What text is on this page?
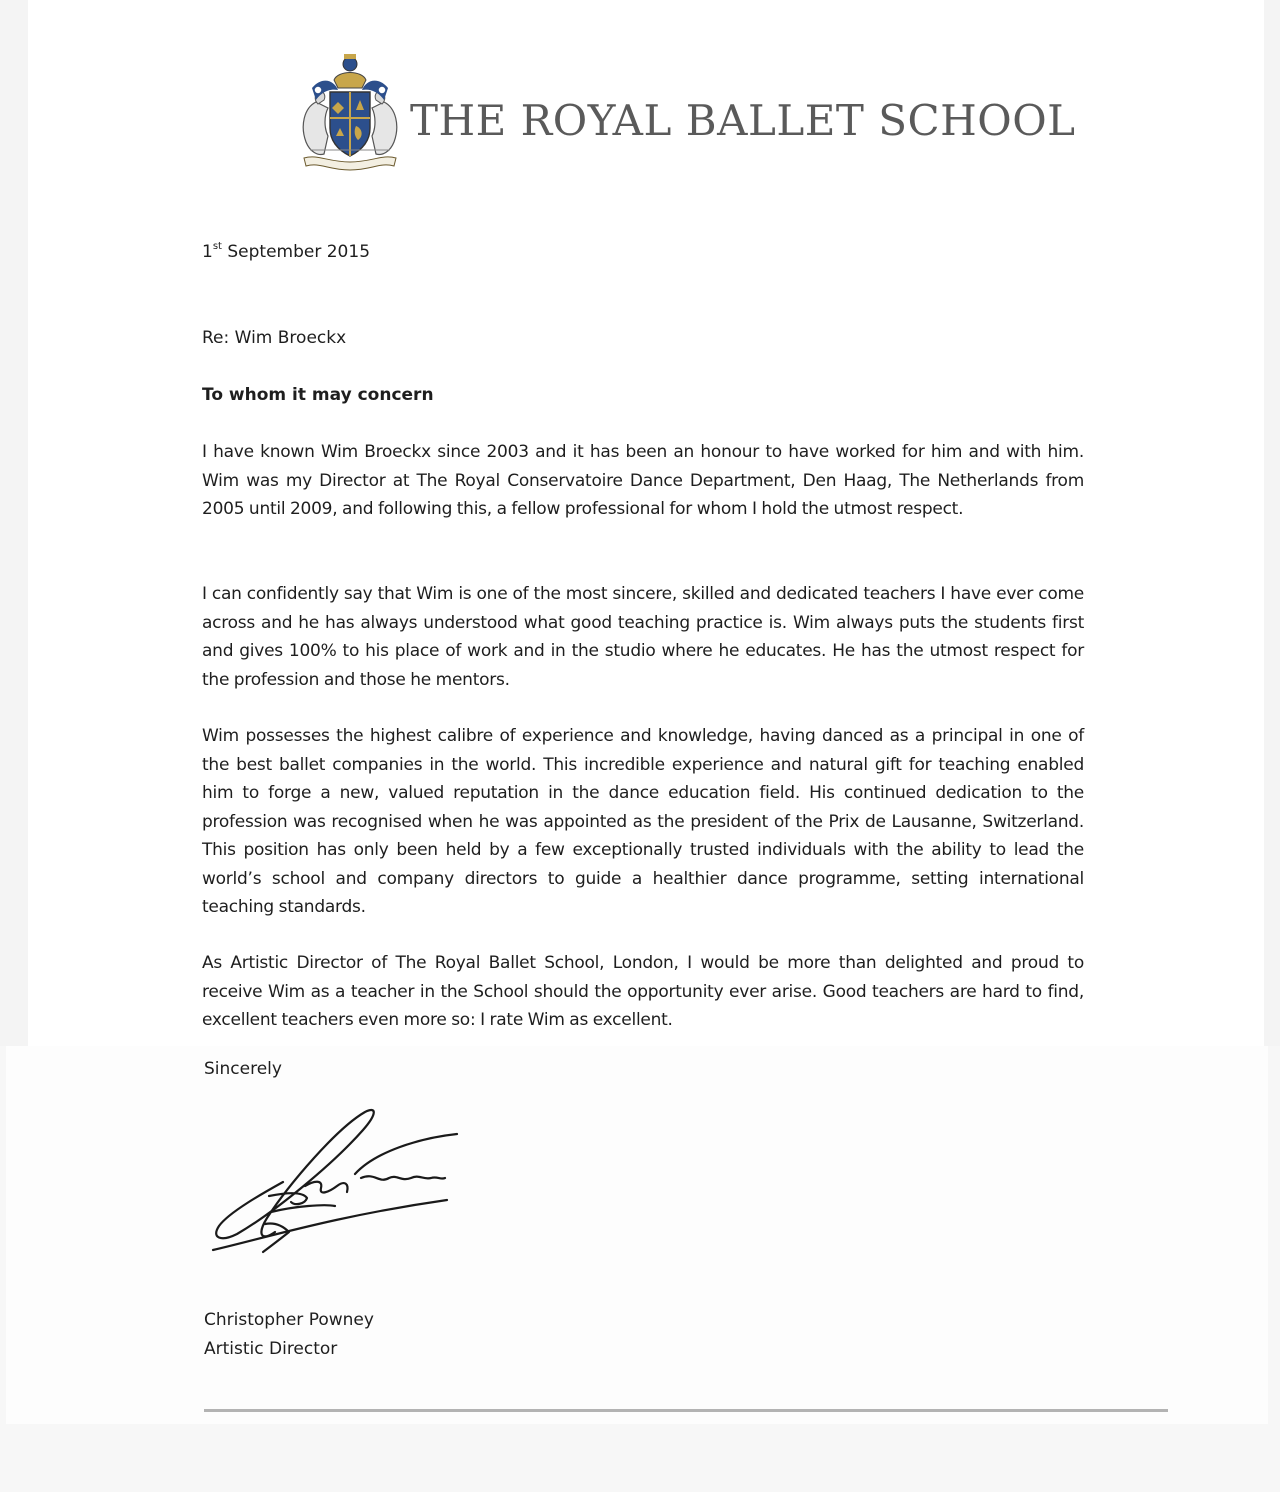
THE ROYAL BALLET SCHOOL

1st September 2015

Re: Wim Broeckx

To whom it may concern

I have known Wim Broeckx since 2003 and it has been an honour to have worked for him and with him. Wim was my Director at The Royal Conservatoire Dance Department, Den Haag, The Netherlands from 2005 until 2009, and following this, a fellow professional for whom I hold the utmost respect.

I can confidently say that Wim is one of the most sincere, skilled and dedicated teachers I have ever come across and he has always understood what good teaching practice is. Wim always puts the students first and gives 100% to his place of work and in the studio where he educates. He has the utmost respect for the profession and those he mentors.

Wim possesses the highest calibre of experience and knowledge, having danced as a principal in one of the best ballet companies in the world. This incredible experience and natural gift for teaching enabled him to forge a new, valued reputation in the dance education field. His continued dedication to the profession was recognised when he was appointed as the president of the Prix de Lausanne, Switzerland. This position has only been held by a few exceptionally trusted individuals with the ability to lead the world’s school and company directors to guide a healthier dance programme, setting international teaching standards.

As Artistic Director of The Royal Ballet School, London, I would be more than delighted and proud to receive Wim as a teacher in the School should the opportunity ever arise. Good teachers are hard to find, excellent teachers even more so: I rate Wim as excellent.

Sincerely

Christopher Powney

Artistic Director
